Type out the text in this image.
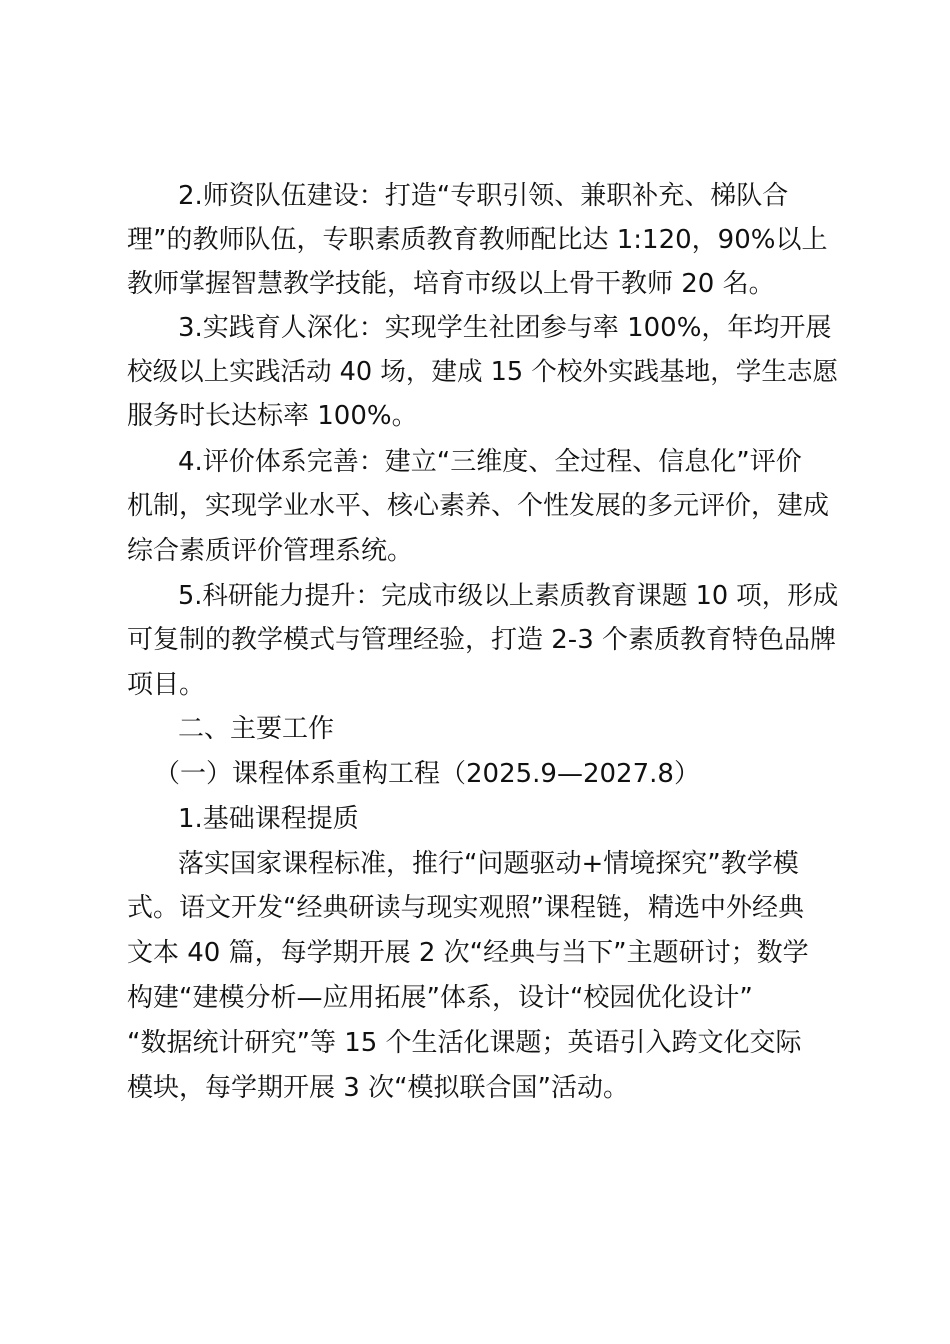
2.师资队伍建设：打造“专职引领、兼职补充、梯队合
理”的教师队伍，专职素质教育教师配比达 1:120，90%以上
教师掌握智慧教学技能，培育市级以上骨干教师 20 名。
3.实践育人深化：实现学生社团参与率 100%，年均开展
校级以上实践活动 40 场，建成 15 个校外实践基地，学生志愿
服务时长达标率 100%。
4.评价体系完善：建立“三维度、全过程、信息化”评价
机制，实现学业水平、核心素养、个性发展的多元评价，建成
综合素质评价管理系统。
5.科研能力提升：完成市级以上素质教育课题 10 项，形成
可复制的教学模式与管理经验，打造 2-3 个素质教育特色品牌
项目。
二、主要工作
（一）课程体系重构工程（2025.9—2027.8）
1.基础课程提质
落实国家课程标准，推行“问题驱动+情境探究”教学模
式。语文开发“经典研读与现实观照”课程链，精选中外经典
文本 40 篇，每学期开展 2 次“经典与当下”主题研讨；数学
构建“建模分析—应用拓展”体系，设计“校园优化设计”
“数据统计研究”等 15 个生活化课题；英语引入跨文化交际
模块，每学期开展 3 次“模拟联合国”活动。
